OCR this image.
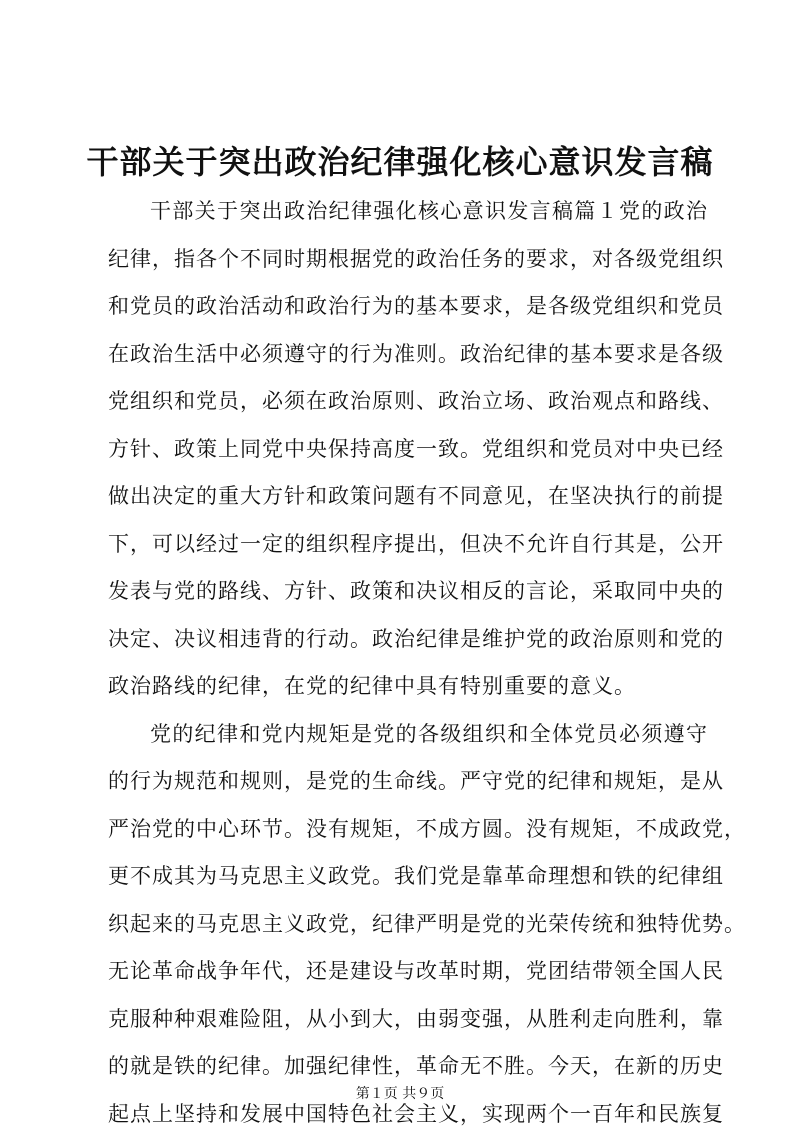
干部关于突出政治纪律强化核心意识发言稿
干部关于突出政治纪律强化核心意识发言稿篇１党的政治
纪律，指各个不同时期根据党的政治任务的要求，对各级党组织
和党员的政治活动和政治行为的基本要求，是各级党组织和党员
在政治生活中必须遵守的行为准则。政治纪律的基本要求是各级
党组织和党员，必须在政治原则、政治立场、政治观点和路线、
方针、政策上同党中央保持高度一致。党组织和党员对中央已经
做出决定的重大方针和政策问题有不同意见，在坚决执行的前提
下，可以经过一定的组织程序提出，但决不允许自行其是，公开
发表与党的路线、方针、政策和决议相反的言论，采取同中央的
决定、决议相违背的行动。政治纪律是维护党的政治原则和党的
政治路线的纪律，在党的纪律中具有特别重要的意义。
党的纪律和党内规矩是党的各级组织和全体党员必须遵守
的行为规范和规则，是党的生命线。严守党的纪律和规矩，是从
严治党的中心环节。没有规矩，不成方圆。没有规矩，不成政党，
更不成其为马克思主义政党。我们党是靠革命理想和铁的纪律组
织起来的马克思主义政党，纪律严明是党的光荣传统和独特优势。
无论革命战争年代，还是建设与改革时期，党团结带领全国人民
克服种种艰难险阻，从小到大，由弱变强，从胜利走向胜利，靠
的就是铁的纪律。加强纪律性，革命无不胜。今天，在新的历史
起点上坚持和发展中国特色社会主义，实现两个一百年和民族复
第１页 共９页
